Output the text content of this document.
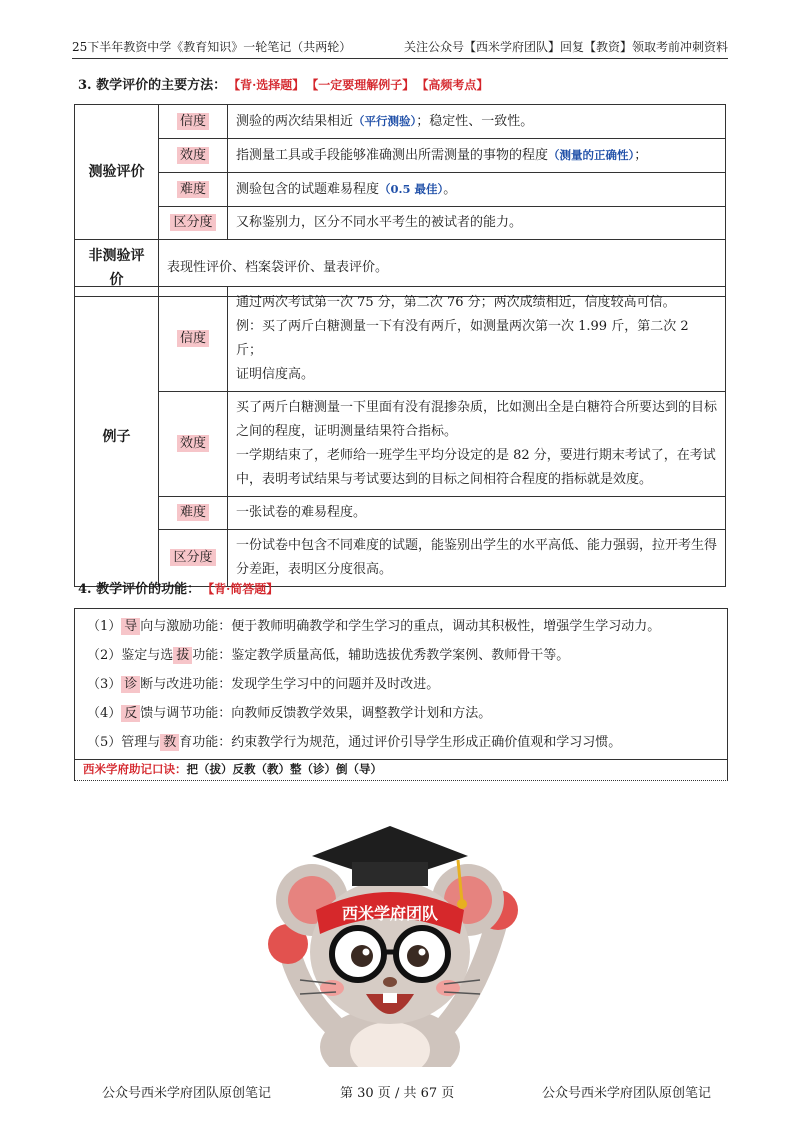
25下半年教资中学《教育知识》一轮笔记（共两轮）	关注公众号【西米学府团队】回复【教资】领取考前冲刺资料
3. 教学评价的主要方法： 【背·选择题】 【一定要理解例子】 【高频考点】
测验评价	信度	测验的两次结果相近（平行测验）；稳定性、一致性。
	效度	指测量工具或手段能够准确测出所需测量的事物的程度（测量的正确性）；
	难度	测验包含的试题难易程度（0.5 最佳）。
	区分度	又称鉴别力，区分不同水平考生的被试者的能力。
非测验评价	表现性评价、档案袋评价、量表评价。	
例子	信度	通过两次考试第一次 75 分，第二次 76 分；两次成绩相近，信度较高可信。
例：买了两斤白糖测量一下有没有两斤，如测量两次第一次 1.99 斤，第二次 2 斤；
证明信度高。

	效度	买了两斤白糖测量一下里面有没有混掺杂质，比如测出全是白糖符合所要达到的目标
之间的程度，证明测量结果符合指标。
一学期结束了，老师给一班学生平均分设定的是 82 分，要进行期末考试了，在考试
中，表明考试结果与考试要达到的目标之间相符合程度的指标就是效度。

	难度	一张试卷的难易程度。

	区分度	一份试卷中包含不同难度的试题，能鉴别出学生的水平高低、能力强弱，拉开考生得
分差距，表明区分度很高。
4. 教学评价的功能： 【背·简答题】
（1） 导 向与激励功能：便于教师明确教学和学生学习的重点，调动其积极性，增强学生学习动力。
（2）鉴定与选 拔 功能：鉴定教学质量高低，辅助选拔优秀教学案例、教师骨干等。
（3） 诊 断与改进功能：发现学生学习中的问题并及时改进。
（4） 反 馈与调节功能：向教师反馈教学效果，调整教学计划和方法。
（5）管理与 教 育功能：约束教学行为规范，通过评价引导学生形成正确价值观和学习习惯。
西米学府助记口诀：把（拔）反教（教）整（诊）倒（导）
西米学府团队
公众号西米学府团队原创笔记	第 30 页 / 共 67 页	公众号西米学府团队原创笔记
